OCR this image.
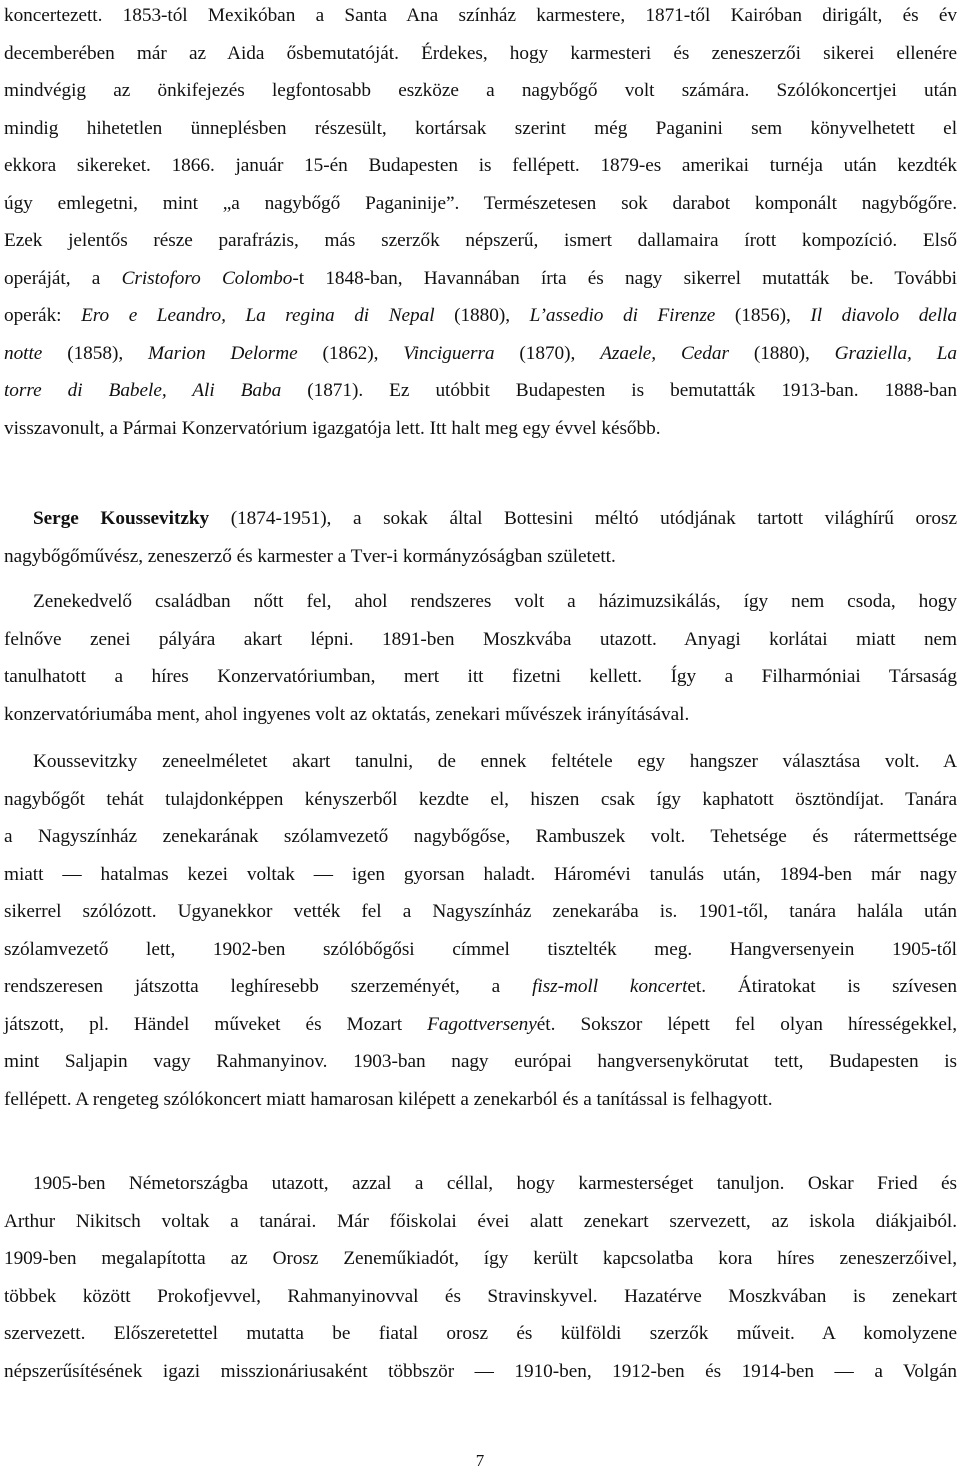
koncertezett. 1853-tól Mexikóban a Santa Ana színház karmestere, 1871-től Kairóban dirigált, és év
decemberében már az Aida ősbemutatóját. Érdekes, hogy karmesteri és zeneszerzői sikerei ellenére
mindvégig az önkifejezés legfontosabb eszköze a nagybőgő volt számára. Szólókoncertjei után
mindig hihetetlen ünneplésben részesült, kortársak szerint még Paganini sem könyvelhetett el
ekkora sikereket. 1866. január 15-én Budapesten is fellépett. 1879-es amerikai turnéja után kezdték
úgy emlegetni, mint „a nagybőgő Paganinije”. Természetesen sok darabot komponált nagybőgőre.
Ezek jelentős része parafrázis, más szerzők népszerű, ismert dallamaira írott kompozíció. Első
operáját, a Cristoforo Colombo-t 1848-ban, Havannában írta és nagy sikerrel mutatták be. További
operák: Ero e Leandro, La regina di Nepal (1880), L’assedio di Firenze (1856), Il diavolo della
notte (1858), Marion Delorme (1862), Vinciguerra (1870), Azaele, Cedar (1880), Graziella, La
torre di Babele, Ali Baba (1871). Ez utóbbit Budapesten is bemutatták 1913-ban. 1888-ban
visszavonult, a Pármai Konzervatórium igazgatója lett. Itt halt meg egy évvel később.
Serge Koussevitzky (1874-1951), a sokak által Bottesini méltó utódjának tartott világhírű orosz
nagybőgőművész, zeneszerző és karmester a Tver-i kormányzóságban született.
Zenekedvelő családban nőtt fel, ahol rendszeres volt a házimuzsikálás, így nem csoda, hogy
felnőve zenei pályára akart lépni. 1891-ben Moszkvába utazott. Anyagi korlátai miatt nem
tanulhatott a híres Konzervatóriumban, mert itt fizetni kellett. Így a Filharmóniai Társaság
konzervatóriumába ment, ahol ingyenes volt az oktatás, zenekari művészek irányításával.
Koussevitzky zeneelméletet akart tanulni, de ennek feltétele egy hangszer választása volt. A
nagybőgőt tehát tulajdonképpen kényszerből kezdte el, hiszen csak így kaphatott ösztöndíjat. Tanára
a Nagyszínház zenekarának szólamvezető nagybőgőse, Rambuszek volt. Tehetsége és rátermettsége
miatt — hatalmas kezei voltak — igen gyorsan haladt. Háromévi tanulás után, 1894-ben már nagy
sikerrel szólózott. Ugyanekkor vették fel a Nagyszínház zenekarába is. 1901-től, tanára halála után
szólamvezető lett, 1902-ben szólóbőgősi címmel tisztelték meg. Hangversenyein 1905-től
rendszeresen játszotta leghíresebb szerzeményét, a fisz-moll koncertet. Átiratokat is szívesen
játszott, pl. Händel műveket és Mozart Fagottversenyét. Sokszor lépett fel olyan hírességekkel,
mint Saljapin vagy Rahmanyinov. 1903-ban nagy európai hangversenykörutat tett, Budapesten is
fellépett. A rengeteg szólókoncert miatt hamarosan kilépett a zenekarból és a tanítással is felhagyott.
1905-ben Németországba utazott, azzal a céllal, hogy karmesterséget tanuljon. Oskar Fried és
Arthur Nikitsch voltak a tanárai. Már főiskolai évei alatt zenekart szervezett, az iskola diákjaiból.
1909-ben megalapította az Orosz Zeneműkiadót, így került kapcsolatba kora híres zeneszerzőivel,
többek között Prokofjevvel, Rahmanyinovval és Stravinskyvel. Hazatérve Moszkvában is zenekart
szervezett. Előszeretettel mutatta be fiatal orosz és külföldi szerzők műveit. A komolyzene
népszerűsítésének igazi misszionáriusaként többször — 1910-ben, 1912-ben és 1914-ben — a Volgán
7
